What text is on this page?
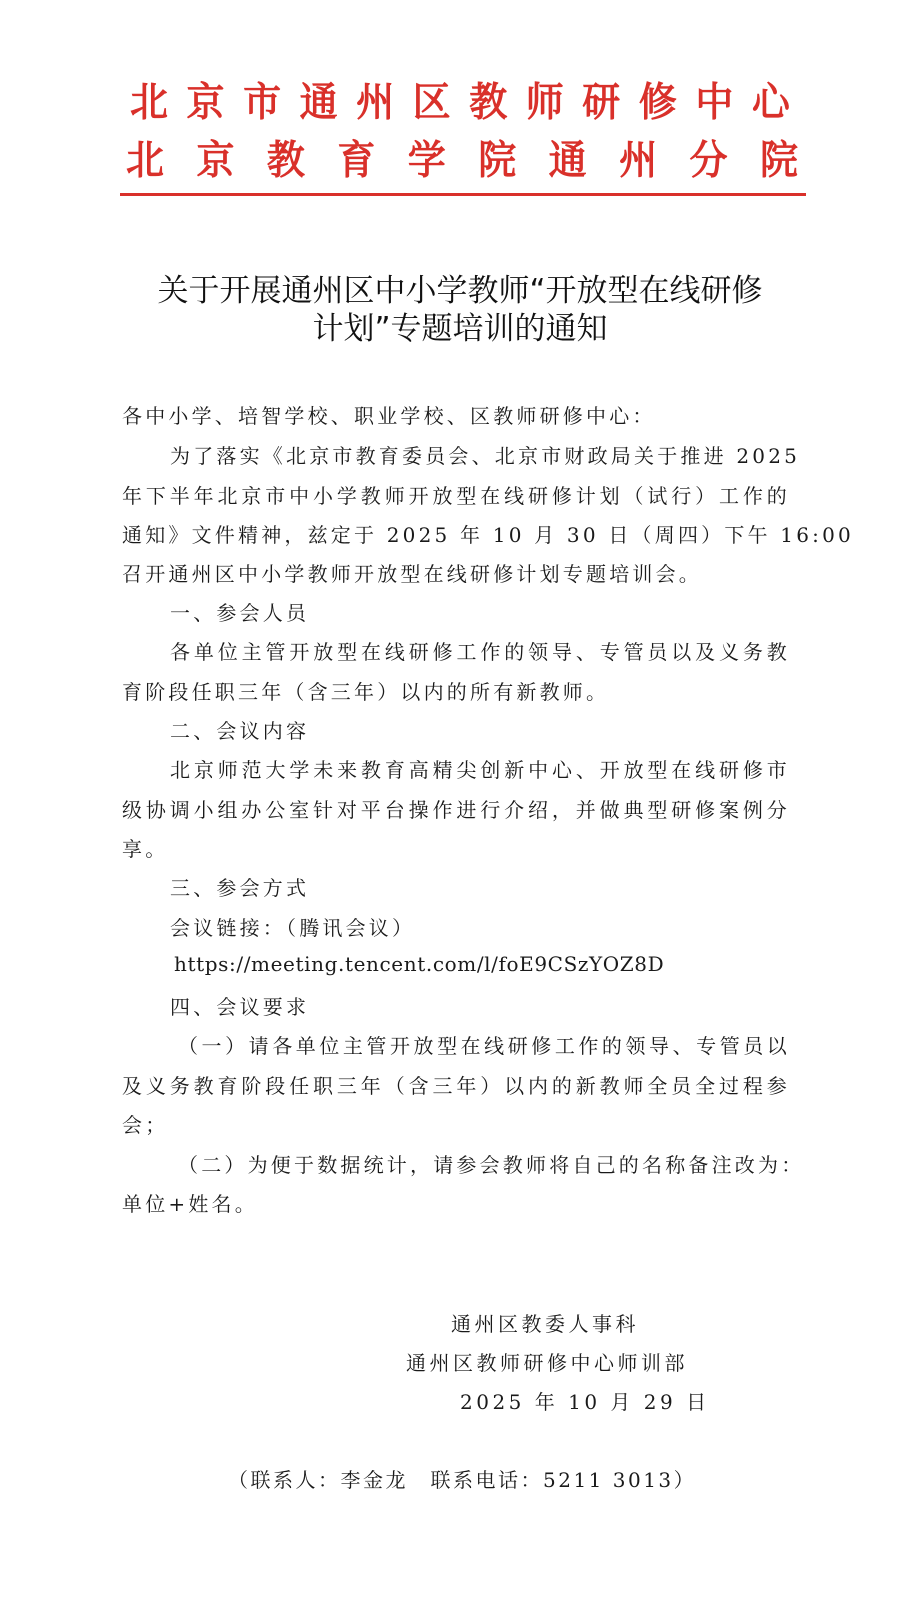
北 京 市 通 州 区 教 师 研 修 中 心
北 京 教 育 学 院 通 州 分 院
关于开展通州区中小学教师“开放型在线研修
计划”专题培训的通知
各中小学、培智学校、职业学校、区教师研修中心：
为了落实《北京市教育委员会、北京市财政局关于推进 2025
年下半年北京市中小学教师开放型在线研修计划（试行）工作的
通知》文件精神，兹定于 2025 年 10 月 30 日（周四）下午 16:00
召开通州区中小学教师开放型在线研修计划专题培训会。
一、参会人员
各单位主管开放型在线研修工作的领导、专管员以及义务教
育阶段任职三年（含三年）以内的所有新教师。
二、会议内容
北京师范大学未来教育高精尖创新中心、开放型在线研修市
级协调小组办公室针对平台操作进行介绍，并做典型研修案例分
享。
三、参会方式
会议链接：（腾讯会议）
https://meeting.tencent.com/l/foE9CSzYOZ8D
四、会议要求
（一）请各单位主管开放型在线研修工作的领导、专管员以
及义务教育阶段任职三年（含三年）以内的新教师全员全过程参
会；
（二）为便于数据统计，请参会教师将自己的名称备注改为：
单位+姓名。
通州区教委人事科
通州区教师研修中心师训部
2025 年 10 月 29 日
（联系人：李金龙　联系电话：5211 3013）
